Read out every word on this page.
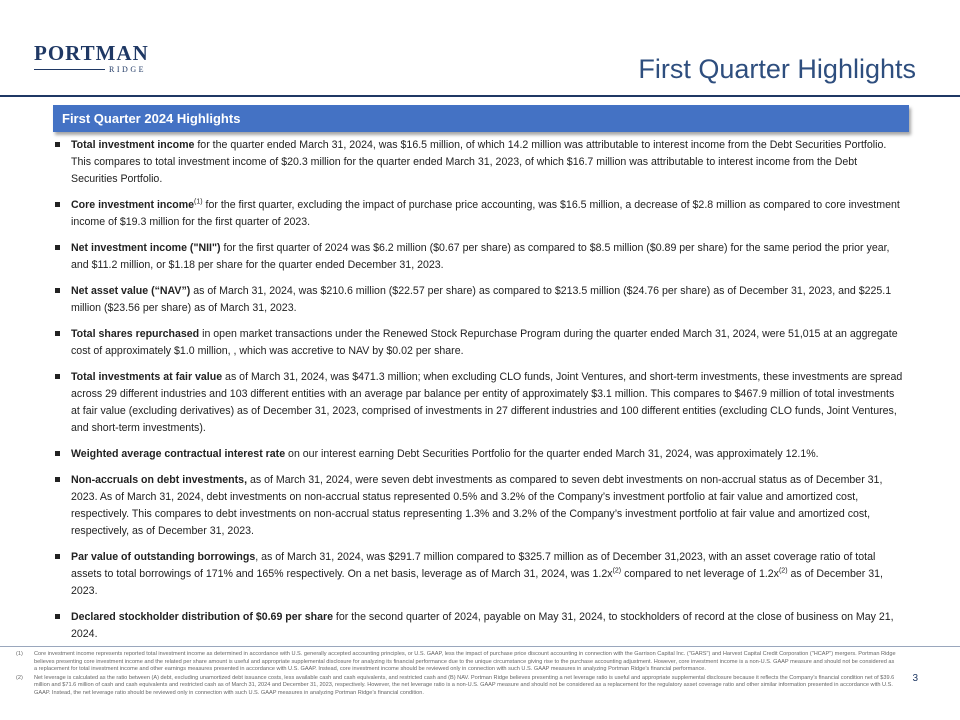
PORTMAN
RIDGE	First Quarter Highlights
First Quarter 2024 Highlights
Total investment income for the quarter ended March 31, 2024, was $16.5 million, of which 14.2 million was attributable to interest income from the Debt Securities Portfolio. This compares to total investment income of $20.3 million for the quarter ended March 31, 2023, of which $16.7 million was attributable to interest income from the Debt Securities Portfolio.
Core investment income$^{(1)}$ for the first quarter, excluding the impact of purchase price accounting, was $16.5 million, a decrease of $2.8 million as compared to core investment income of $19.3 million for the first quarter of 2023.
Net investment income ("NII") for the first quarter of 2024 was $6.2 million ($0.67 per share) as compared to $8.5 million ($0.89 per share) for the same period the prior year, and $11.2 million, or $1.18 per share for the quarter ended December 31, 2023.
Net asset value (“NAV”) as of March 31, 2024, was $210.6 million ($22.57 per share) as compared to $213.5 million ($24.76 per share) as of December 31, 2023, and $225.1 million ($23.56 per share) as of March 31, 2023.
Total shares repurchased in open market transactions under the Renewed Stock Repurchase Program during the quarter ended March 31, 2024, were 51,015 at an aggregate cost of approximately $1.0 million, , which was accretive to NAV by $0.02 per share.
Total investments at fair value as of March 31, 2024, was $471.3 million; when excluding CLO funds, Joint Ventures, and short-term investments, these investments are spread across 29 different industries and 103 different entities with an average par balance per entity of approximately $3.1 million. This compares to $467.9 million of total investments at fair value (excluding derivatives) as of December 31, 2023, comprised of investments in 27 different industries and 100 different entities (excluding CLO funds, Joint Ventures, and short-term investments).
Weighted average contractual interest rate on our interest earning Debt Securities Portfolio for the quarter ended March 31, 2024, was approximately 12.1%.
Non-accruals on debt investments, as of March 31, 2024, were seven debt investments as compared to seven debt investments on non-accrual status as of December 31, 2023. As of March 31, 2024, debt investments on non-accrual status represented 0.5% and 3.2% of the Company’s investment portfolio at fair value and amortized cost, respectively. This compares to debt investments on non-accrual status representing 1.3% and 3.2% of the Company’s investment portfolio at fair value and amortized cost, respectively, as of December 31, 2023.
Par value of outstanding borrowings, as of March 31, 2024, was $291.7 million compared to $325.7 million as of December 31,2023, with an asset coverage ratio of total assets to total borrowings of 171% and 165% respectively. On a net basis, leverage as of March 31, 2024, was $1.2x^{(2)}$ compared to net leverage of $1.2x^{(2)}$ as of December 31, 2023.
Declared stockholder distribution of $0.69 per share for the second quarter of 2024, payable on May 31, 2024, to stockholders of record at the close of business on May 21, 2024.
(1) Core investment income represents reported total investment income as determined in accordance with U.S. generally accepted accounting principles, or U.S. GAAP, less the impact of purchase price discount accounting in connection with the Garrison Capital Inc. ("GARS") and Harvest Capital Credit Corporation ("HCAP") mergers. Portman Ridge believes presenting core investment income and the related per share amount is useful and appropriate supplemental disclosure for analyzing its financial performance due to the unique circumstance giving rise to the purchase accounting adjustment. However, core investment income is a non-U.S. GAAP measure and should not be considered as a replacement for total investment income and other earnings measures presented in accordance with U.S. GAAP. Instead, core investment income should be reviewed only in connection with such U.S. GAAP measures in analyzing Portman Ridge’s financial performance.
(2) Net leverage is calculated as the ratio between (A) debt, excluding unamortized debt issuance costs, less available cash and cash equivalents, and restricted cash and (B) NAV. Portman Ridge believes presenting a net leverage ratio is useful and appropriate supplemental disclosure because it reflects the Company’s financial condition net of $39.6 million and $71.6 million of cash and cash equivalents and restricted cash as of March 31, 2024 and December 31, 2023, respectively. However, the net leverage ratio is a non-U.S. GAAP measure and should not be considered as a replacement for the regulatory asset coverage ratio and other similar information presented in accordance with U.S. GAAP. Instead, the net leverage ratio should be reviewed only in connection with such U.S. GAAP measures in analyzing Portman Ridge’s financial condition.
3
